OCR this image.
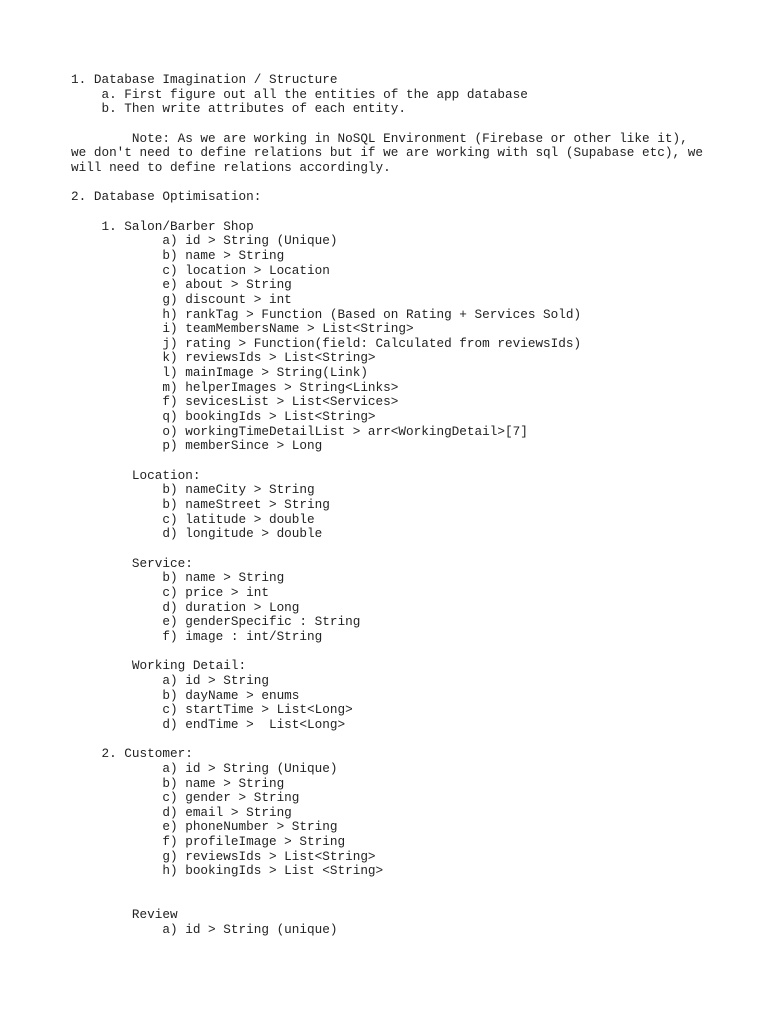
1. Database Imagination / Structure
a. First figure out all the entities of the app database
b. Then write attributes of each entity.
Note: As we are working in NoSQL Environment (Firebase or other like it),
we don't need to define relations but if we are working with sql (Supabase etc), we
will need to define relations accordingly.
2. Database Optimisation:
1. Salon/Barber Shop
a) id > String (Unique)
b) name > String
c) location > Location
e) about > String
g) discount > int
h) rankTag > Function (Based on Rating + Services Sold)
i) teamMembersName > List<String>
j) rating > Function(field: Calculated from reviewsIds)
k) reviewsIds > List<String>
l) mainImage > String(Link)
m) helperImages > String<Links>
f) sevicesList > List<Services>
q) bookingIds > List<String>
o) workingTimeDetailList > arr<WorkingDetail>[7]
p) memberSince > Long
Location:
b) nameCity > String
b) nameStreet > String
c) latitude > double
d) longitude > double
Service:
b) name > String
c) price > int
d) duration > Long
e) genderSpecific : String
f) image : int/String
Working Detail:
a) id > String
b) dayName > enums
c) startTime > List<Long>
d) endTime >  List<Long>
2. Customer:
a) id > String (Unique)
b) name > String
c) gender > String
d) email > String
e) phoneNumber > String
f) profileImage > String
g) reviewsIds > List<String>
h) bookingIds > List <String>
Review
a) id > String (unique)
